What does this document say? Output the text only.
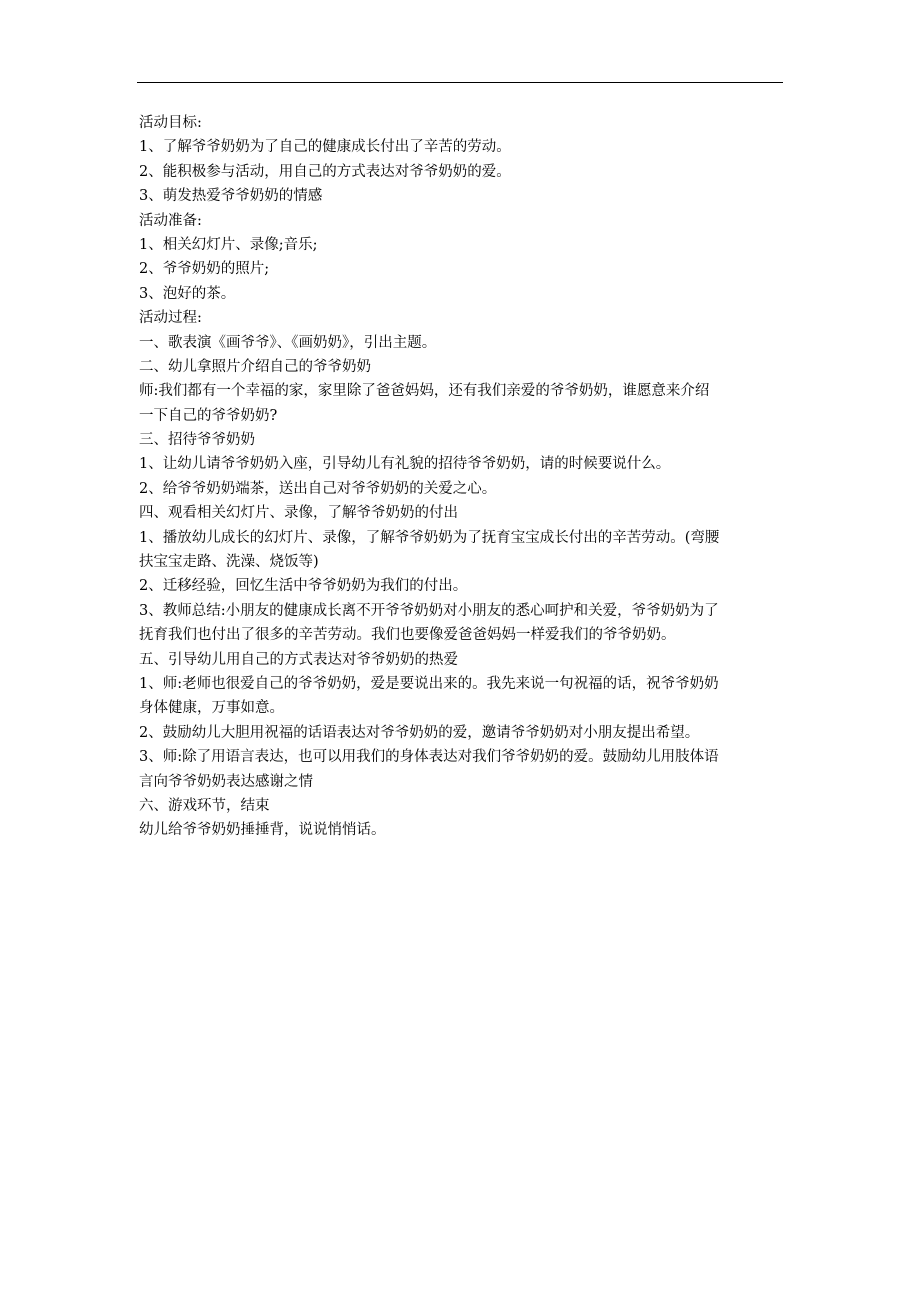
活动目标:
1、了解爷爷奶奶为了自己的健康成长付出了辛苦的劳动。
2、能积极参与活动，用自己的方式表达对爷爷奶奶的爱。
3、萌发热爱爷爷奶奶的情感
活动准备:
1、相关幻灯片、录像;音乐;
2、爷爷奶奶的照片;
3、泡好的茶。
活动过程:
一、歌表演《画爷爷》、《画奶奶》，引出主题。
二、幼儿拿照片介绍自己的爷爷奶奶
师:我们都有一个幸福的家，家里除了爸爸妈妈，还有我们亲爱的爷爷奶奶，谁愿意来介绍
一下自己的爷爷奶奶?
三、招待爷爷奶奶
1、让幼儿请爷爷奶奶入座，引导幼儿有礼貌的招待爷爷奶奶，请的时候要说什么。
2、给爷爷奶奶端茶，送出自己对爷爷奶奶的关爱之心。
四、观看相关幻灯片、录像，了解爷爷奶奶的付出
1、播放幼儿成长的幻灯片、录像，了解爷爷奶奶为了抚育宝宝成长付出的辛苦劳动。(弯腰
扶宝宝走路、洗澡、烧饭等)
2、迁移经验，回忆生活中爷爷奶奶为我们的付出。
3、教师总结:小朋友的健康成长离不开爷爷奶奶对小朋友的悉心呵护和关爱，爷爷奶奶为了
抚育我们也付出了很多的辛苦劳动。我们也要像爱爸爸妈妈一样爱我们的爷爷奶奶。
五、引导幼儿用自己的方式表达对爷爷奶奶的热爱
1、师:老师也很爱自己的爷爷奶奶，爱是要说出来的。我先来说一句祝福的话，祝爷爷奶奶
身体健康，万事如意。
2、鼓励幼儿大胆用祝福的话语表达对爷爷奶奶的爱，邀请爷爷奶奶对小朋友提出希望。
3、师:除了用语言表达，也可以用我们的身体表达对我们爷爷奶奶的爱。鼓励幼儿用肢体语
言向爷爷奶奶表达感谢之情
六、游戏环节，结束
幼儿给爷爷奶奶捶捶背，说说悄悄话。
